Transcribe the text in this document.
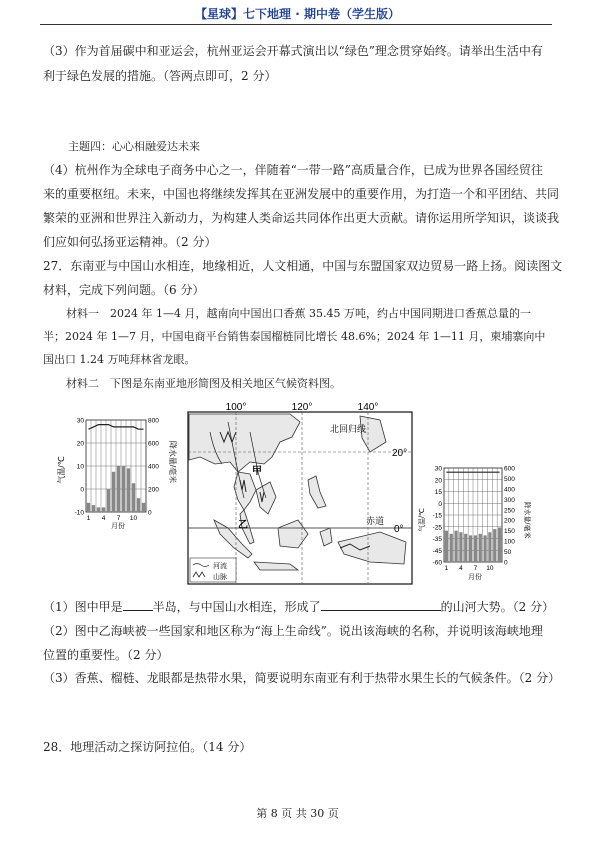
【星球】七下地理 · 期中卷（学生版）
（3）作为首届碳中和亚运会，杭州亚运会开幕式演出以“绿色”理念贯穿始终。请举出生活中有
利于绿色发展的措施。（答两点即可，2 分）
主题四：心心相融爱达未来
（4）杭州作为全球电子商务中心之一，伴随着“一带一路”高质量合作，已成为世界各国经贸往
来的重要枢纽。未来，中国也将继续发挥其在亚洲发展中的重要作用，为打造一个和平团结、共同
繁荣的亚洲和世界注入新动力，为构建人类命运共同体作出更大贡献。请你运用所学知识，谈谈我
们应如何弘扬亚运精神。（2 分）
27．东南亚与中国山水相连，地缘相近，人文相通，中国与东盟国家双边贸易一路上扬。阅读图文
材料，完成下列问题。（6 分）
材料一　2024 年 1—4 月，越南向中国出口香蕉 35.45 万吨，约占中国同期进口香蕉总量的一
半；2024 年 1—7 月，中国电商平台销售泰国榴梿同比增长 48.6%；2024 年 1—11 月，柬埔寨向中
国出口 1.24 万吨拜林省龙眼。
材料二　下图是东南亚地形简图及相关地区气候资料图。
30
20
10
0
-10
800
600
400
200
0
1 4 7 10
气温/℃	降水量/毫米
月份
100°	120°	140°
20°
0°
北回归线
赤道
甲
乙
河流
山脉
30
20
15
0
-15
-25
-35
-45
-60
600
500
400
300
250
200
150
100
50
0
1 4 7 10
气温/℃	降水量/毫米
月份
（1）图中甲是	半岛，与中国山水相连，形成了	的山河大势。（2 分）
（2）图中乙海峡被一些国家和地区称为“海上生命线”。说出该海峡的名称，并说明该海峡地理
位置的重要性。（2 分）
（3）香蕉、榴梿、龙眼都是热带水果，简要说明东南亚有利于热带水果生长的气候条件。（2 分）
28．地理活动之探访阿拉伯。（14 分）
第 8 页 共 30 页
